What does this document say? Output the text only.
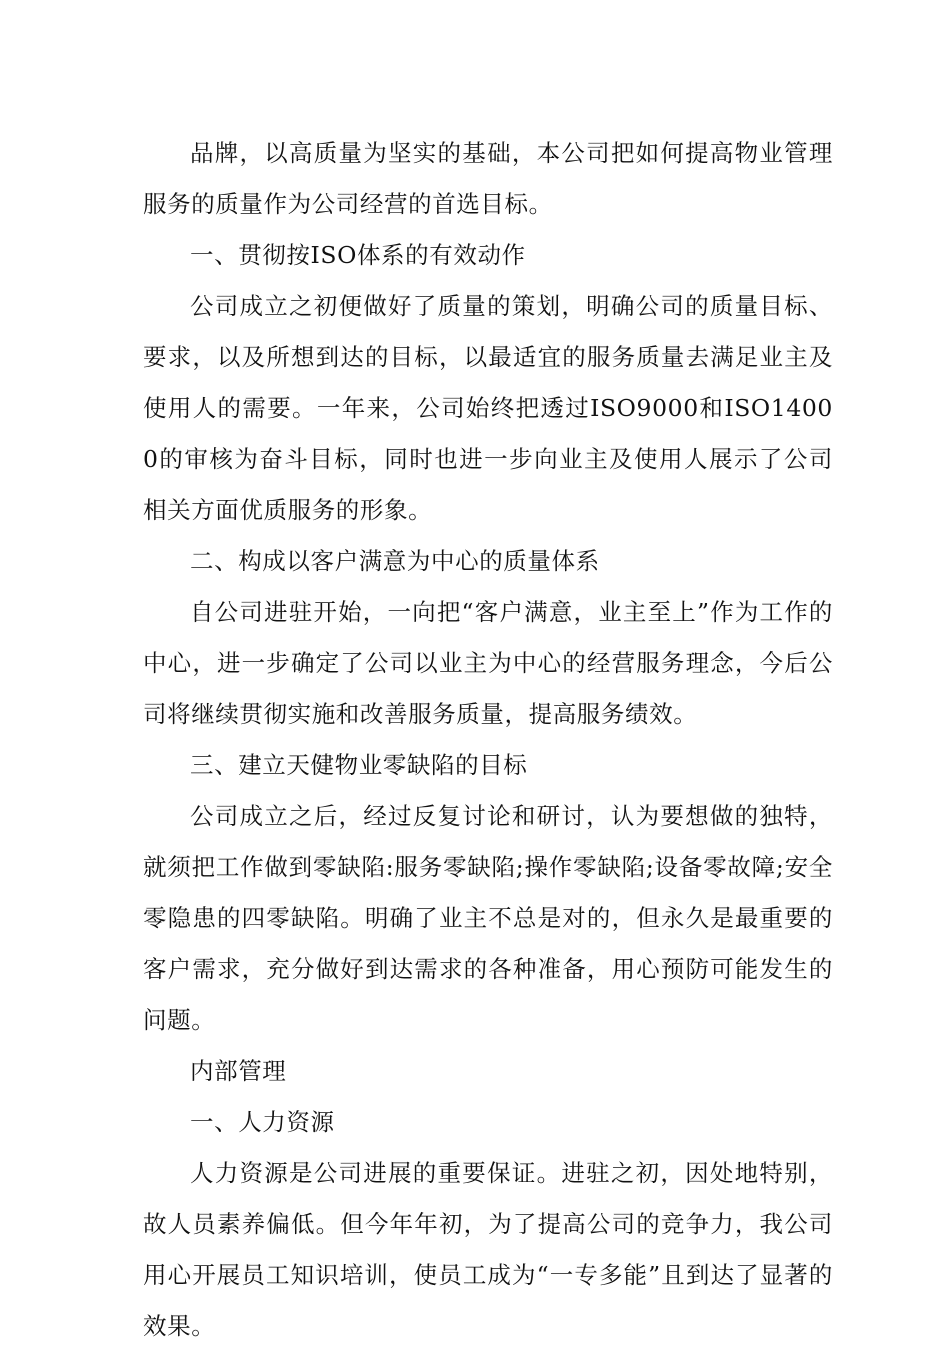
品牌，以高质量为坚实的基础，本公司把如何提高物业管理服务的质量作为公司经营的首选目标。

一、贯彻按ISO体系的有效动作

公司成立之初便做好了质量的策划，明确公司的质量目标、要求，以及所想到达的目标，以最适宜的服务质量去满足业主及使用人的需要。一年来，公司始终把透过ISO9000和ISO14000的审核为奋斗目标，同时也进一步向业主及使用人展示了公司相关方面优质服务的形象。

二、构成以客户满意为中心的质量体系

自公司进驻开始，一向把“客户满意，业主至上”作为工作的中心，进一步确定了公司以业主为中心的经营服务理念，今后公司将继续贯彻实施和改善服务质量，提高服务绩效。

三、建立天健物业零缺陷的目标

公司成立之后，经过反复讨论和研讨，认为要想做的独特，就须把工作做到零缺陷:服务零缺陷;操作零缺陷;设备零故障;安全零隐患的四零缺陷。明确了业主不总是对的，但永久是最重要的客户需求，充分做好到达需求的各种准备，用心预防可能发生的问题。

内部管理

一、人力资源

人力资源是公司进展的重要保证。进驻之初，因处地特别，故人员素养偏低。但今年年初，为了提高公司的竞争力，我公司用心开展员工知识培训，使员工成为“一专多能”且到达了显著的效果。
